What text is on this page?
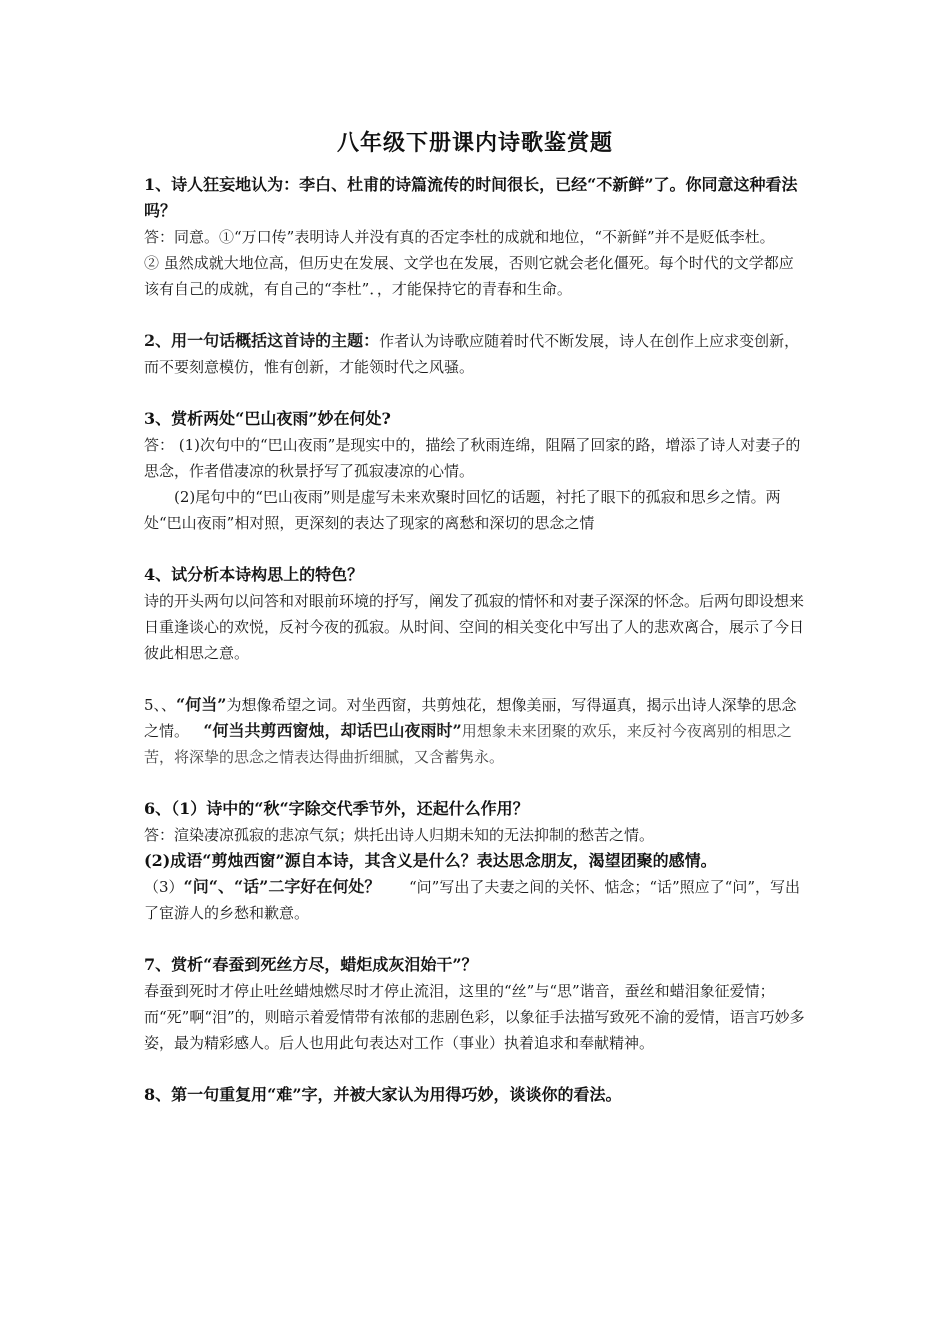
八年级下册课内诗歌鉴赏题

1、诗人狂妄地认为：李白、杜甫的诗篇流传的时间很长，已经“不新鲜”了。你同意这种看法吗？

答：同意。①“万口传”表明诗人并没有真的否定李杜的成就和地位，“不新鲜”并不是贬低李杜。

② 虽然成就大地位高，但历史在发展、文学也在发展，否则它就会老化僵死。每个时代的文学都应该有自己的成就，有自己的“李杜”．，才能保持它的青春和生命。

2、用一句话概括这首诗的主题：作者认为诗歌应随着时代不断发展，诗人在创作上应求变创新，而不要刻意模仿，惟有创新，才能领时代之风骚。

3、赏析两处“巴山夜雨”妙在何处?

答： (1)次句中的“巴山夜雨”是现实中的，描绘了秋雨连绵，阻隔了回家的路，增添了诗人对妻子的思念，作者借凄凉的秋景抒写了孤寂凄凉的心情。

(2)尾句中的“巴山夜雨”则是虚写未来欢聚时回忆的话题，衬托了眼下的孤寂和思乡之情。两处“巴山夜雨”相对照，更深刻的表达了现家的离愁和深切的思念之情

4、试分析本诗构思上的特色？

诗的开头两句以问答和对眼前环境的抒写，阐发了孤寂的情怀和对妻子深深的怀念。后两句即设想来日重逢谈心的欢悦，反衬今夜的孤寂。从时间、空间的相关变化中写出了人的悲欢离合，展示了今日彼此相思之意。

5、、“何当”为想像希望之词。对坐西窗，共剪烛花，想像美丽，写得逼真，揭示出诗人深挚的思念之情。 “何当共剪西窗烛，却话巴山夜雨时”用想象未来团聚的欢乐，来反衬今夜离别的相思之苦，将深挚的思念之情表达得曲折细腻，又含蓄隽永。

6、（1）诗中的“秋“字除交代季节外，还起什么作用？

答：渲染凄凉孤寂的悲凉气氛；烘托出诗人归期未知的无法抑制的愁苦之情。

(2)成语“剪烛西窗”源自本诗，其含义是什么？表达思念朋友，渴望团聚的感情。

（3）“问“、“话”二字好在何处？      “问”写出了夫妻之间的关怀、惦念；“话”照应了“问”，写出了宦游人的乡愁和歉意。

7、赏析“春蚕到死丝方尽，蜡炬成灰泪始干”？

春蚕到死时才停止吐丝蜡烛燃尽时才停止流泪，这里的“丝”与“思”谐音，蚕丝和蜡泪象征爱情；而“死”啊“泪”的，则暗示着爱情带有浓郁的悲剧色彩，以象征手法描写致死不渝的爱情，语言巧妙多姿，最为精彩感人。后人也用此句表达对工作（事业）执着追求和奉献精神。

8、第一句重复用“难”字，并被大家认为用得巧妙，谈谈你的看法。
